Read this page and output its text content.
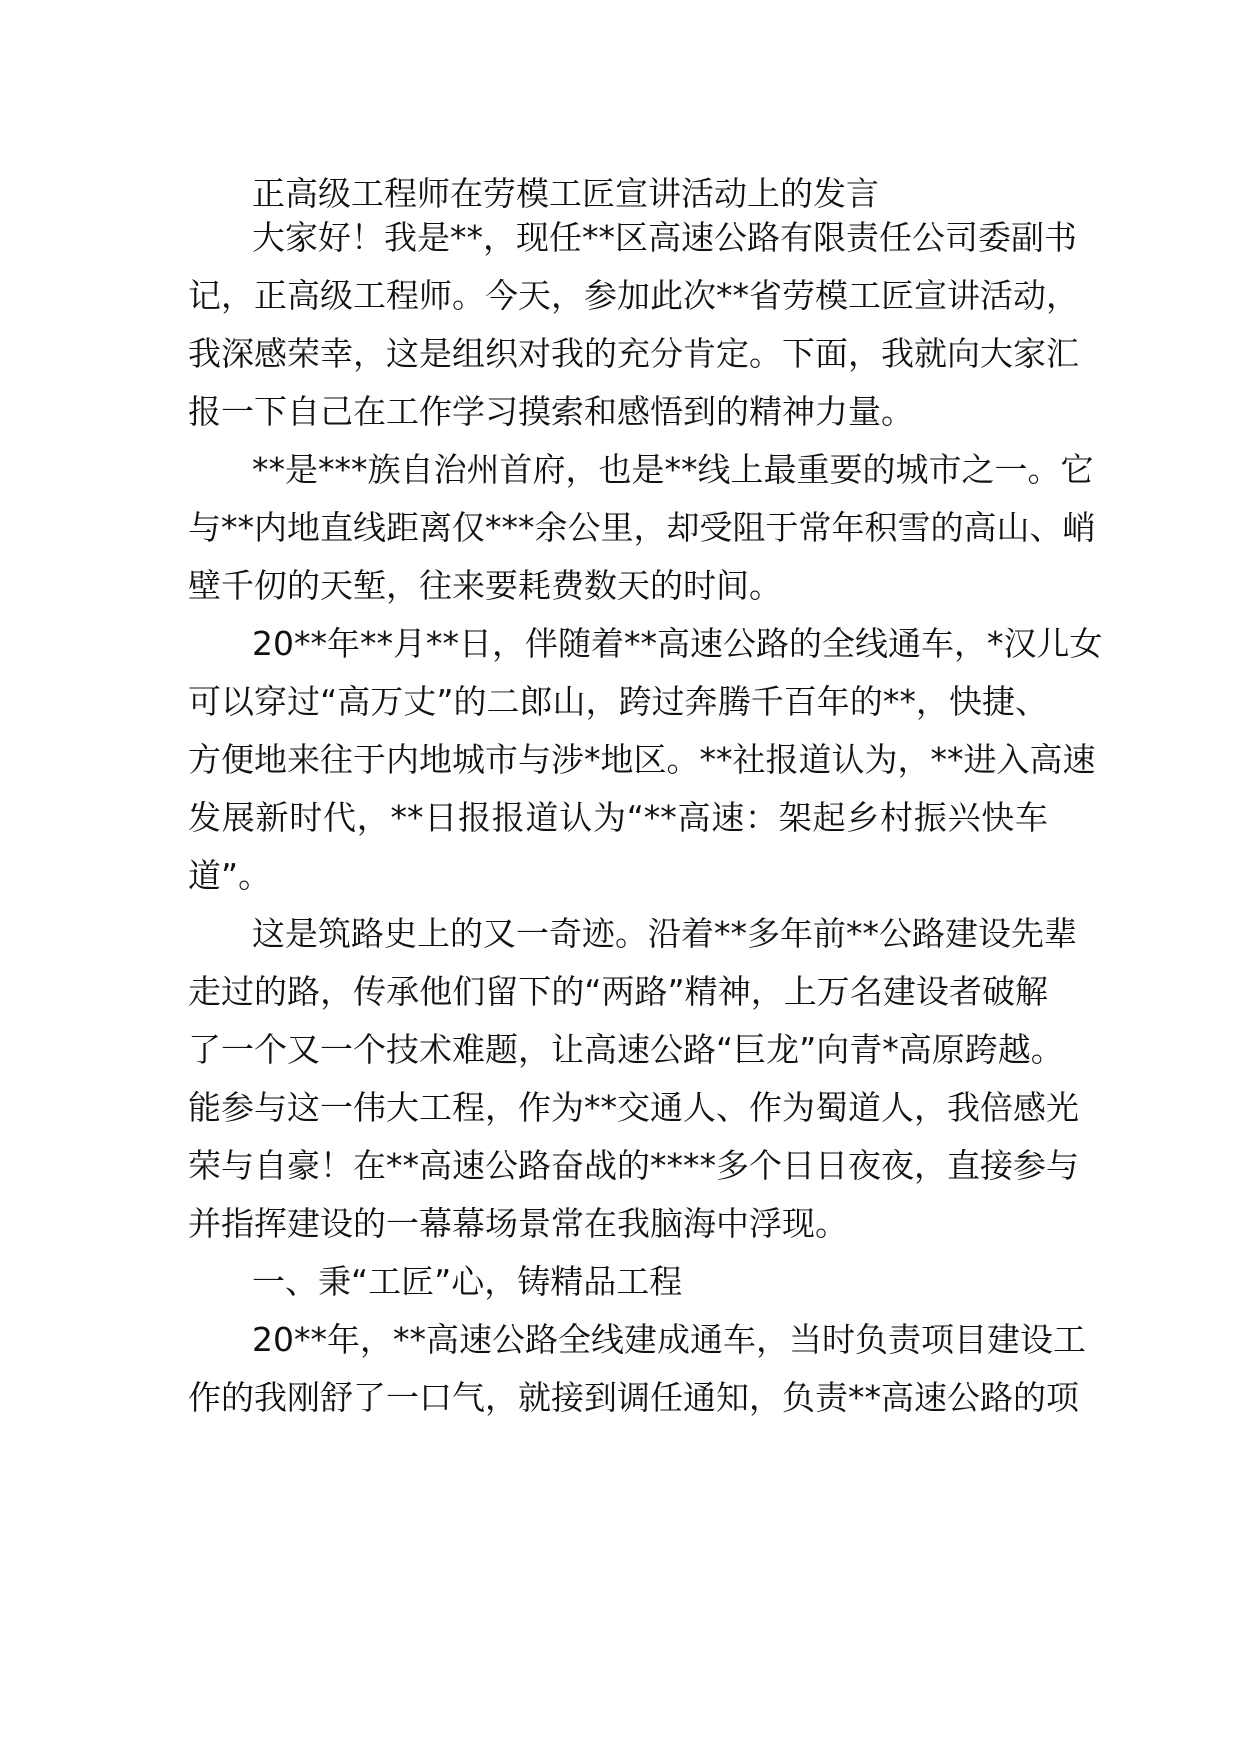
正高级工程师在劳模工匠宣讲活动上的发言
大家好！我是**，现任**区高速公路有限责任公司委副书
记，正高级工程师。今天，参加此次**省劳模工匠宣讲活动，
我深感荣幸，这是组织对我的充分肯定。下面，我就向大家汇
报一下自己在工作学习摸索和感悟到的精神力量。
**是***族自治州首府，也是**线上最重要的城市之一。它
与**内地直线距离仅***余公里，却受阻于常年积雪的高山、峭
壁千仞的天堑，往来要耗费数天的时间。
20**年**月**日，伴随着**高速公路的全线通车，*汉儿女
可以穿过“高万丈”的二郎山，跨过奔腾千百年的**，快捷、
方便地来往于内地城市与涉*地区。**社报道认为，**进入高速
发展新时代，**日报报道认为“**高速：架起乡村振兴快车
道”。
这是筑路史上的又一奇迹。沿着**多年前**公路建设先辈
走过的路，传承他们留下的“两路”精神，上万名建设者破解
了一个又一个技术难题，让高速公路“巨龙”向青*高原跨越。
能参与这一伟大工程，作为**交通人、作为蜀道人，我倍感光
荣与自豪！在**高速公路奋战的****多个日日夜夜，直接参与
并指挥建设的一幕幕场景常在我脑海中浮现。
一、秉“工匠”心，铸精品工程
20**年，**高速公路全线建成通车，当时负责项目建设工
作的我刚舒了一口气，就接到调任通知，负责**高速公路的项
